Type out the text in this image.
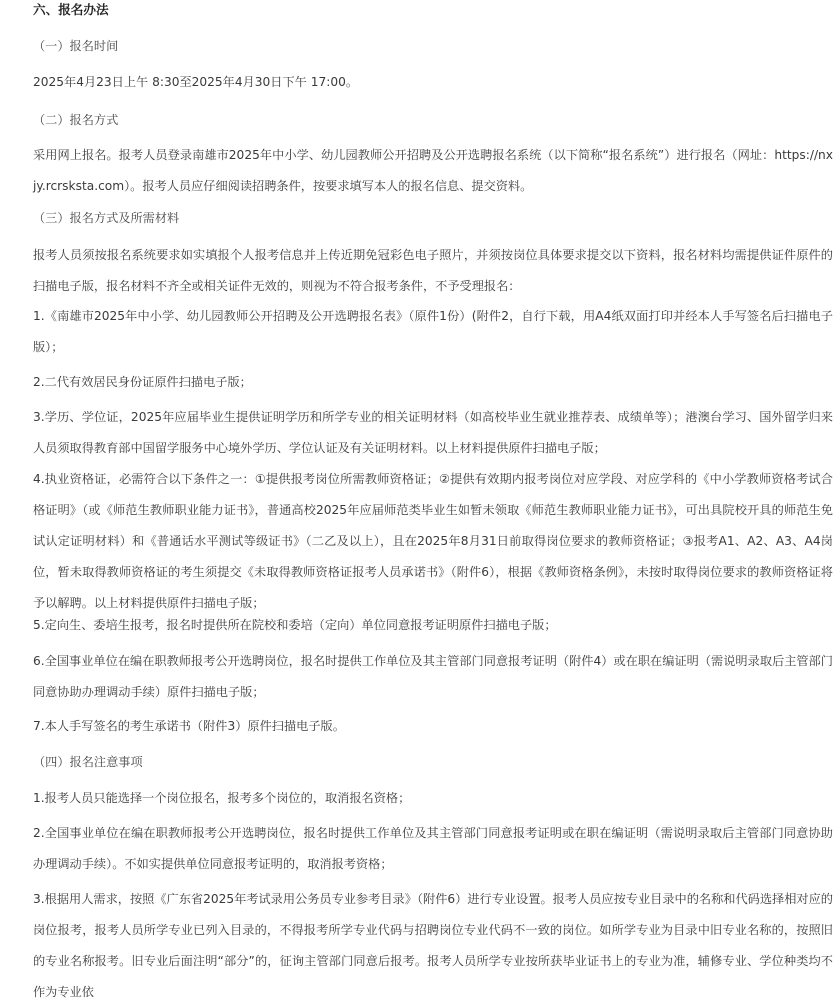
六、报名办法
（一）报名时间
2025年4月23日上午 8:30至2025年4月30日下午 17:00。
（二）报名方式
采用网上报名。报考人员登录南雄市2025年中小学、幼儿园教师公开招聘及公开选聘报名系统（以下简称“报名系统”）进行报名（网址：https://nxjy.rcrsksta.com）。报考人员应仔细阅读招聘条件，按要求填写本人的报名信息、提交资料。
（三）报名方式及所需材料
报考人员须按报名系统要求如实填报个人报考信息并上传近期免冠彩色电子照片，并须按岗位具体要求提交以下资料，报名材料均需提供证件原件的扫描电子版，报名材料不齐全或相关证件无效的，则视为不符合报考条件，不予受理报名：
1.《南雄市2025年中小学、幼儿园教师公开招聘及公开选聘报名表》（原件1份）(附件2，自行下载，用A4纸双面打印并经本人手写签名后扫描电子版）；
2.二代有效居民身份证原件扫描电子版；
3.学历、学位证，2025年应届毕业生提供证明学历和所学专业的相关证明材料（如高校毕业生就业推荐表、成绩单等）；港澳台学习、国外留学归来人员须取得教育部中国留学服务中心境外学历、学位认证及有关证明材料。以上材料提供原件扫描电子版；
4.执业资格证，必需符合以下条件之一：①提供报考岗位所需教师资格证；②提供有效期内报考岗位对应学段、对应学科的《中小学教师资格考试合格证明》（或《师范生教师职业能力证书》，普通高校2025年应届师范类毕业生如暂未领取《师范生教师职业能力证书》，可出具院校开具的师范生免试认定证明材料）和《普通话水平测试等级证书》（二乙及以上），且在2025年8月31日前取得岗位要求的教师资格证；③报考A1、A2、A3、A4岗位，暂未取得教师资格证的考生须提交《未取得教师资格证报考人员承诺书》（附件6），根据《教师资格条例》，未按时取得岗位要求的教师资格证将予以解聘。以上材料提供原件扫描电子版；
5.定向生、委培生报考，报名时提供所在院校和委培（定向）单位同意报考证明原件扫描电子版；
6.全国事业单位在编在职教师报考公开选聘岗位，报名时提供工作单位及其主管部门同意报考证明（附件4）或在职在编证明（需说明录取后主管部门同意协助办理调动手续）原件扫描电子版；
7.本人手写签名的考生承诺书（附件3）原件扫描电子版。
（四）报名注意事项
1.报考人员只能选择一个岗位报名，报考多个岗位的，取消报名资格；
2.全国事业单位在编在职教师报考公开选聘岗位，报名时提供工作单位及其主管部门同意报考证明或在职在编证明（需说明录取后主管部门同意协助办理调动手续）。不如实提供单位同意报考证明的，取消报考资格；
3.根据用人需求，按照《广东省2025年考试录用公务员专业参考目录》（附件6）进行专业设置。报考人员应按专业目录中的名称和代码选择相对应的岗位报考，报考人员所学专业已列入目录的，不得报考所学专业代码与招聘岗位专业代码不一致的岗位。如所学专业为目录中旧专业名称的，按照旧的专业名称报考。旧专业后面注明“部分”的，征询主管部门同意后报考。报考人员所学专业按所获毕业证书上的专业为准，辅修专业、学位种类均不作为专业依
